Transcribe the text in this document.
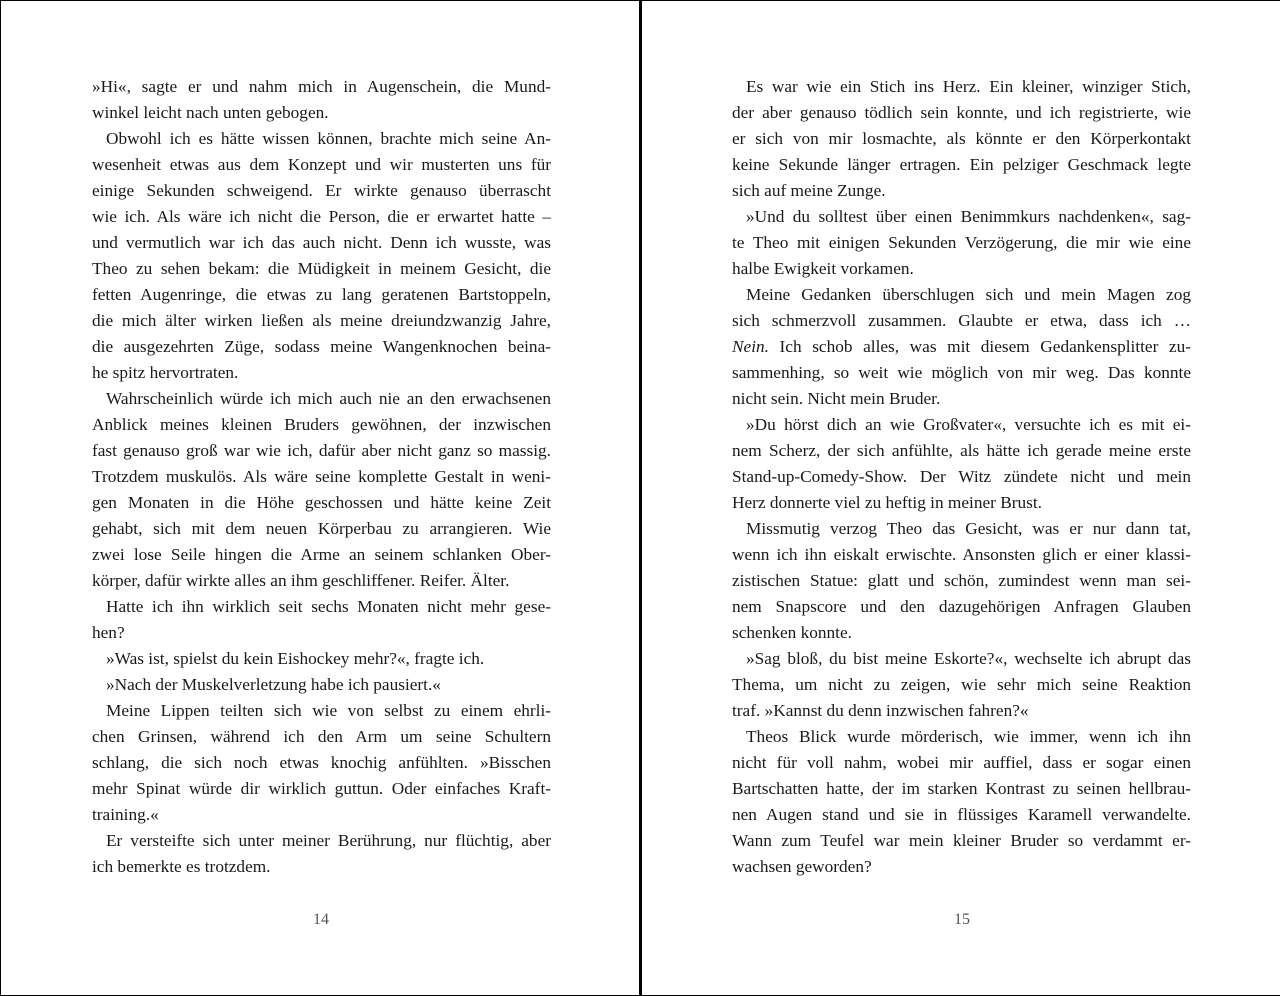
»Hi«, sagte er und nahm mich in Augenschein, die Mund-
winkel leicht nach unten gebogen.

Obwohl ich es hätte wissen können, brachte mich seine An-
wesenheit etwas aus dem Konzept und wir musterten uns für
einige Sekunden schweigend. Er wirkte genauso überrascht
wie ich. Als wäre ich nicht die Person, die er erwartet hatte –
und vermutlich war ich das auch nicht. Denn ich wusste, was
Theo zu sehen bekam: die Müdigkeit in meinem Gesicht, die
fetten Augenringe, die etwas zu lang geratenen Bartstoppeln,
die mich älter wirken ließen als meine dreiundzwanzig Jahre,
die ausgezehrten Züge, sodass meine Wangenknochen beina-
he spitz hervortraten.

Wahrscheinlich würde ich mich auch nie an den erwachsenen
Anblick meines kleinen Bruders gewöhnen, der inzwischen
fast genauso groß war wie ich, dafür aber nicht ganz so massig.
Trotzdem muskulös. Als wäre seine komplette Gestalt in weni-
gen Monaten in die Höhe geschossen und hätte keine Zeit
gehabt, sich mit dem neuen Körperbau zu arrangieren. Wie
zwei lose Seile hingen die Arme an seinem schlanken Ober-
körper, dafür wirkte alles an ihm geschliffener. Reifer. Älter.

Hatte ich ihn wirklich seit sechs Monaten nicht mehr gese-
hen?

»Was ist, spielst du kein Eishockey mehr?«, fragte ich.

»Nach der Muskelverletzung habe ich pausiert.«

Meine Lippen teilten sich wie von selbst zu einem ehrli-
chen Grinsen, während ich den Arm um seine Schultern
schlang, die sich noch etwas knochig anfühlten. »Bisschen
mehr Spinat würde dir wirklich guttun. Oder einfaches Kraft-
training.«

Er versteifte sich unter meiner Berührung, nur flüchtig, aber
ich bemerkte es trotzdem.

14

Es war wie ein Stich ins Herz. Ein kleiner, winziger Stich,
der aber genauso tödlich sein konnte, und ich registrierte, wie
er sich von mir losmachte, als könnte er den Körperkontakt
keine Sekunde länger ertragen. Ein pelziger Geschmack legte
sich auf meine Zunge.

»Und du solltest über einen Benimmkurs nachdenken«, sag-
te Theo mit einigen Sekunden Verzögerung, die mir wie eine
halbe Ewigkeit vorkamen.

Meine Gedanken überschlugen sich und mein Magen zog
sich schmerzvoll zusammen. Glaubte er etwa, dass ich …
Nein. Ich schob alles, was mit diesem Gedankensplitter zu-
sammenhing, so weit wie möglich von mir weg. Das konnte
nicht sein. Nicht mein Bruder.

»Du hörst dich an wie Großvater«, versuchte ich es mit ei-
nem Scherz, der sich anfühlte, als hätte ich gerade meine erste
Stand-up-Comedy-Show. Der Witz zündete nicht und mein
Herz donnerte viel zu heftig in meiner Brust.

Missmutig verzog Theo das Gesicht, was er nur dann tat,
wenn ich ihn eiskalt erwischte. Ansonsten glich er einer klassi-
zistischen Statue: glatt und schön, zumindest wenn man sei-
nem Snapscore und den dazugehörigen Anfragen Glauben
schenken konnte.

»Sag bloß, du bist meine Eskorte?«, wechselte ich abrupt das
Thema, um nicht zu zeigen, wie sehr mich seine Reaktion
traf. »Kannst du denn inzwischen fahren?«

Theos Blick wurde mörderisch, wie immer, wenn ich ihn
nicht für voll nahm, wobei mir auffiel, dass er sogar einen
Bartschatten hatte, der im starken Kontrast zu seinen hellbrau-
nen Augen stand und sie in flüssiges Karamell verwandelte.
Wann zum Teufel war mein kleiner Bruder so verdammt er-
wachsen geworden?

15
